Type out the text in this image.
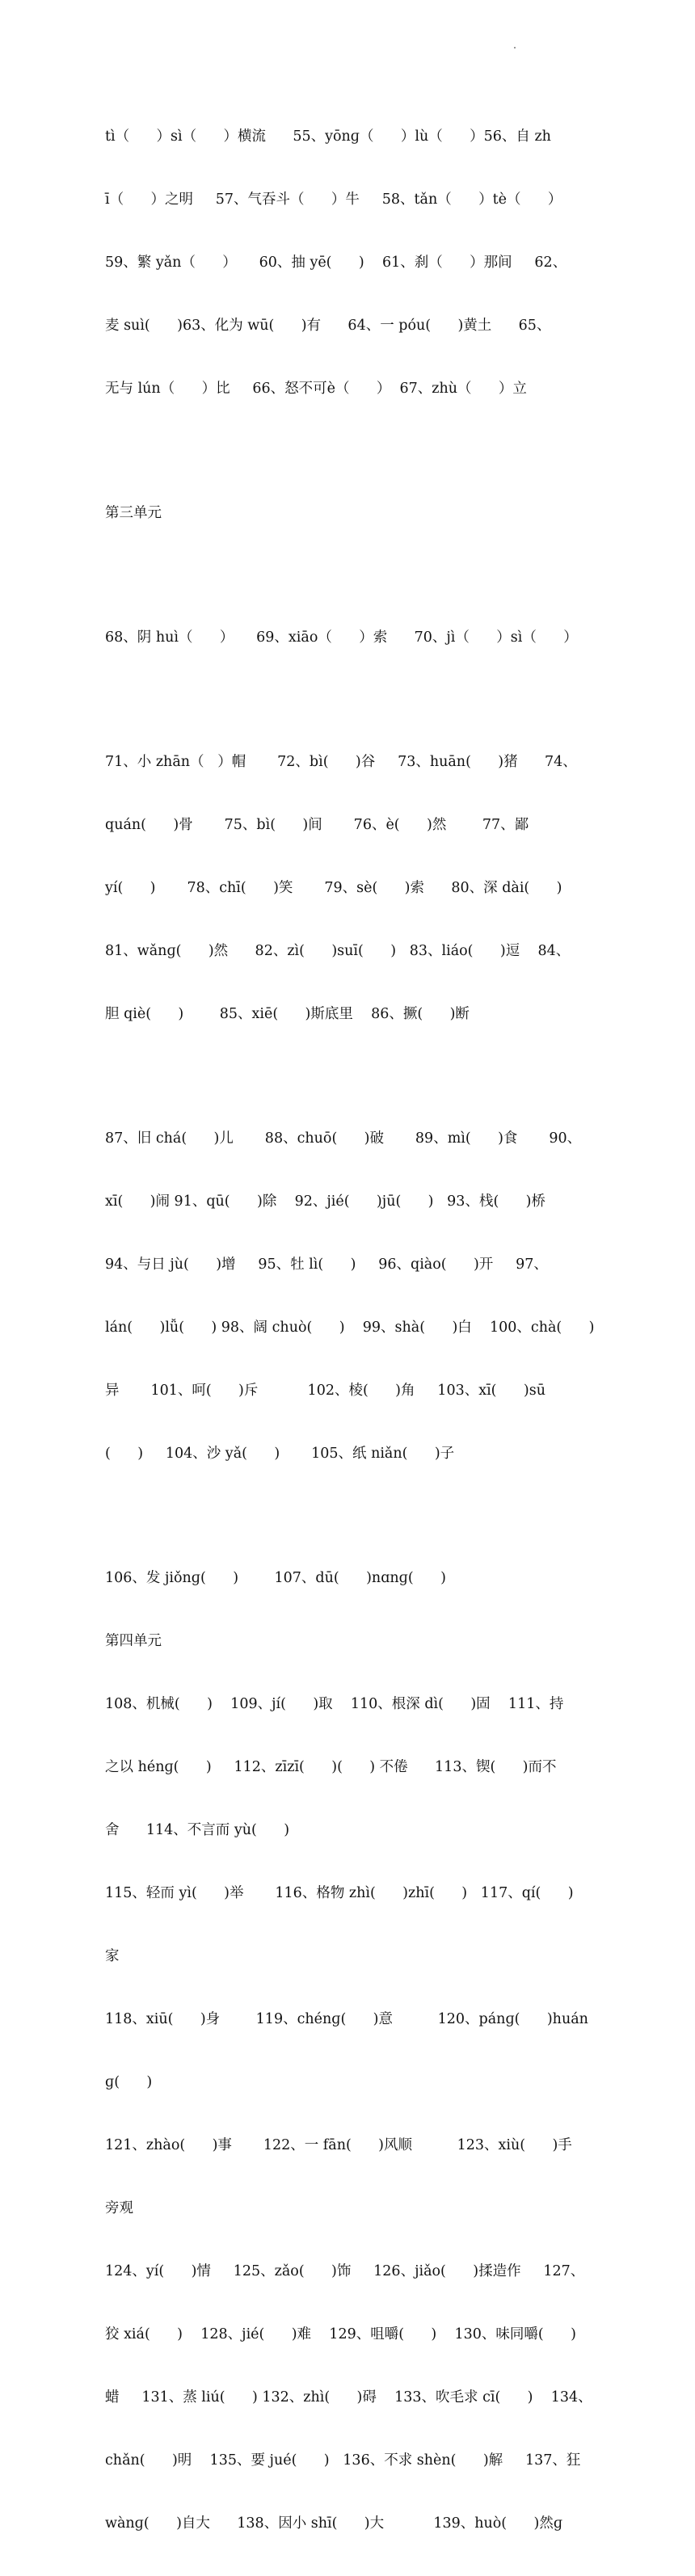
tì（      ）sì（      ）横流      55、yōnɡ（      ）lù（      ）56、自 zh

ī（      ）之明     57、气吞斗（      ）牛     58、tǎn（      ）tè（      ）

59、繁 yǎn（      ）     60、抽 yē(      )    61、刹（      ）那间     62、

麦 suì(      )63、化为 wū(      )有      64、一 póu(      )黄土      65、

无与 lún（      ）比     66、怒不可è（      ）  67、zhù（      ）立

第三单元

68、阴 huì（      ）     69、xiāo（      ）索      70、jì（      ）sì（      ）

71、小 zhān（   ）帽       72、bì(      )谷     73、huān(      )猪      74、

quán(      )骨       75、bì(      )间       76、è(      )然        77、鄙

yí(      )       78、chī(      )笑       79、sè(      )索      80、深 dài(      )

81、wǎnɡ(      )然      82、zì(      )suī(      )   83、liáo(      )逗    84、

胆 qiè(      )        85、xiē(      )斯底里    86、撅(      )断

87、旧 chá(      )儿       88、chuō(      )破       89、mì(      )食       90、

xī(      )闹 91、qū(      )除    92、jié(      )jū(      )   93、栈(      )桥

94、与日 jù(      )增     95、牡 lì(      )     96、qiào(      )开     97、

lán(      )lǚ(      ) 98、阔 chuò(      )    99、shà(      )白    100、chà(      )

异       101、呵(      )斥           102、棱(      )角     103、xī(      )sū

(      )     104、沙 yǎ(      )       105、纸 niǎn(      )子

106、发 jiǒnɡ(      )        107、dū(      )nɑnɡ(      )

第四单元

108、机械(      )    109、jí(      )取    110、根深 dì(      )固    111、持

之以 hénɡ(      )     112、zīzī(      )(      ) 不倦      113、锲(      )而不

舍      114、不言而 yù(      )

115、轻而 yì(      )举       116、格物 zhì(      )zhī(      )   117、qí(      )

家

118、xiū(      )身        119、chénɡ(      )意          120、pánɡ(      )huán

ɡ(      )

121、zhào(      )事       122、一 fān(      )风顺          123、xiù(      )手

旁观

124、yí(      )情     125、zǎo(      )饰     126、jiǎo(      )揉造作     127、

狡 xiá(      )    128、jié(      )难    129、咀嚼(      )    130、味同嚼(      )

蜡     131、蒸 liú(      ) 132、zhì(      )碍    133、吹毛求 cī(      )    134、

chǎn(      )明    135、要 jué(      )   136、不求 shèn(      )解     137、狂

wànɡ(      )自大      138、因小 shī(      )大           139、huò(      )然ɡ
